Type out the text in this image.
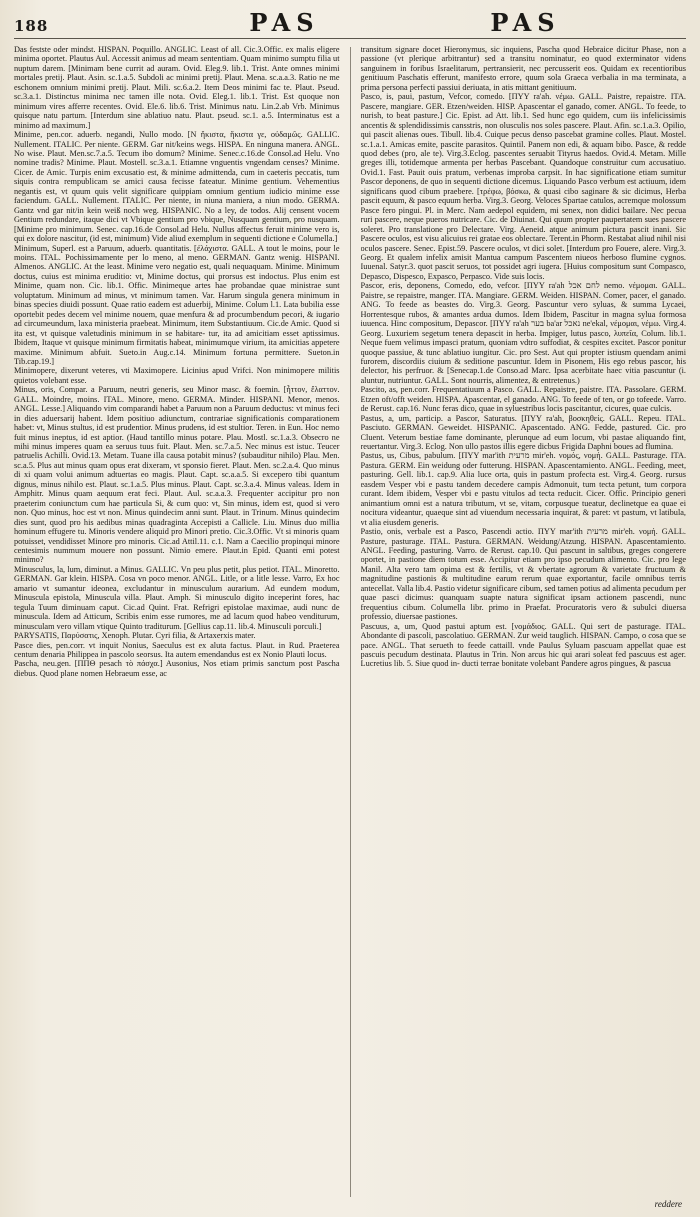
188	PAS	PAS

Das festste oder mindst. HISPAN. Poquillo. ANGLIC. Least of all. Cic.3.Offic. ex malis eligere minima oportet. Plautus Aul. Accessit animus ad meam sententiam. Quam minimo sumptu filia ut nuptum darem. [Minimam bene currit ad auram. Ovid. Eleg.9. lib.1. Trist. Ante omnes minimi mortales pretij. Plaut. Asin. sc.1.a.5. Subdoli ac minimi pretij. Plaut. Mena. sc.a.a.3. Ratio ne me eschonem omnium minimi pretij. Plaut. Mili. sc.6.a.2. Item Deos minimi fac te. Plaut. Pseud. sc.3.a.1. Distinctus minima nec tamen ille nota. Ovid. Eleg.1. lib.1. Trist. Est quoque non minimum vires afferre recentes. Ovid. Ele.6. lib.6. Trist. Minimus natu. Lin.2.ab Vrb. Minimus quisque natu partum. [Interdum sine ablatiuo natu. Plaut. pseud. sc.1. a.5. Interminatus est a minimo ad maximum.]

Minime, pen.cor. aduerb. negandi, Nullo modo. [Ν ἥκιστα, ἥκιστα γε, οὐδαμῶς. GALLIC. Nullement. ITALIC. Per niente. GERM. Gar nit/keins wegs. HISPA. En ninguna manera. ANGL. No wise. Plaut. Men.sc.7.a.5. Tecum ibo domum? Minime. Senec.c.16.de Consol.ad Helu. Vno nomine tradis? Minime. Plaut. Mostell. sc.3.a.1. Etiamne vnguentis vngendam censes? Minime. Cicer. de Amic. Turpis enim excusatio est, & minime admittenda, cum in caeteris peccatis, tum siquis contra rempublicam se amici causa fecisse fateatur. Minime gentium. Vehementius negantis est, vt quum quis velit significare quippiam omnium gentium iudicio minime esse faciendum. GALL. Nullement. ITALIC. Per niente, in niuna maniera, a niun modo. GERMA. Gantz vnd gar nit/in kein weiß noch weg. HISPANIC. No a ley, de todos. Alij censent vocem Gentium redundare, itaque dici vt Vbique gentium pro vbique, Nusquam gentium, pro nusquam. [Minime pro minimum. Senec. cap.16.de Consol.ad Helu. Nullus affectus feruit minime vero is, qui ex dolore nascitur, (id est, minimum) Vide aliud exemplum in sequenti dictione e Columella.]

Minimum, Superl. est a Paruum, aduerb. quantitatis. [ἐλάχιστα. GALL. A tout le moins, pour le moins. ITAL. Pochissimamente per lo meno, al meno. GERMAN. Gantz wenig. HISPANI. Almenos. ANGLIC. At the least. Minime vero negatio est, quali nequaquam. Minime. Minimum doctus, cuius est minima eruditio: vt, Minime doctus, qui prorsus est indoctus. Plus enim est Minime, quam non. Cic. lib.1. Offic. Minimeque artes hae probandae quae ministrae sunt voluptatum. Minimum ad minus, vt minimum tamen. Var. Harum singula genera minimum in binas species diuidi possunt. Quae ratio eadem est aduerbij, Minime. Colum l.1. Lata bubilia esse oportebit pedes decem vel minime nouem, quae menfura & ad procumbendum pecori, & iugario ad circumeundum, laxa ministeria praebeat. Minimum, item Substantiuum. Cic.de Amic. Quod si ita est, vt quisque valetudinis minimum in se habitare- tur, ita ad amicitiam esset aptissimus. Ibidem, Itaque vt quisque minimum firmitatis habeat, minimumque virium, ita amicitias appetere maxime. Minimum abfuit. Sueto.in Aug.c.14. Minimum fortuna permittere. Sueton.in Tib.cap.19.]

Minimopere, dixerunt veteres, vti Maximopere. Licinius apud Vrifci. Non minimopere militis quietos volebant esse.

Minus, oris, Compar. a Paruum, neutri generis, seu Minor masc. & foemin. [ἧττον, ἔλαττον. GALL. Moindre, moins. ITAL. Minore, meno. GERMA. Minder. HISPANI. Menor, menos. ANGL. Lesse.] Aliquando vim comparandi habet a Paruum non a Paruum deductus: vt minus feci in dies aduersarij habent. Idem positiuo adiunctum, contrariae significationis comparationem habet: vt, Minus stultus, id est prudentior. Minus prudens, id est stultior. Teren. in Eun. Hoc nemo fuit minus ineptus, id est aptior. (Haud tantillo minus potare. Plau. Mostl. sc.1.a.3. Obsecro ne mihi minus imperes quam ea seruus tuus fuit. Plaut. Men. sc.7.a.5. Nec minus est istuc. Teucer patruelis Achilli. Ovid.13. Metam. Tuane illa causa potabit minus? (subauditur nihilo) Plau. Men. sc.a.5. Plus aut minus quam opus erat dixeram, vt sponsio fieret. Plaut. Men. sc.2.a.4. Quo minus di xi quam volui animum adtuertas eo magis. Plaut. Capt. sc.a.a.5. Si excepero tibi quantum dignus, minus nihilo est. Plaut. sc.1.a.5. Plus minus. Plaut. Capt. sc.3.a.4. Minus valeas. Idem in Amphitr. Minus quam aequum erat feci. Plaut. Aul. sc.a.a.3. Frequenter accipitur pro non praeterim coniunctum cum hae particula Si, & cum quo: vt, Sin minus, idem est, quod si vero non. Quo minus, hoc est vt non. Minus quindecim anni sunt. Plaut. in Trinum. Minus quindecim dies sunt, quod pro his aedibus minas quadraginta Accepisti a Callicle. Liu. Minus duo millia hominum effugere tu. Minoris vendere aliquid pro Minori pretio. Cic.3.Offic. Vt si minoris quam potuisset, vendidisset Minore pro minoris. Cic.ad Attil.11. c.1. Nam a Caecilio propinqui minore centesimis nummum mouere non possunt. Nimio emere. Plaut.in Epid. Quanti emi potest minimo?

Minusculus, la, lum, diminut. a Minus. GALLIC. Vn peu plus petit, plus petiot. ITAL. Minoretto. GERMAN. Gar klein. HISPA. Cosa vn poco menor. ANGL. Litle, or a litle lesse. Varro, Ex hoc amario vt sumantur ideonea, excludantur in minusculum aurarium. Ad eundem modum, Minuscula epistola, Minuscula villa. Plaut. Amph. Si minusculo digito inceperint fores, hac tegula Tuum diminuam caput. Cic.ad Quint. Frat. Refrigri epistolae maximae, audi nunc de minuscula. Idem ad Atticum, Scribis enim esse rumores, me ad lacum quod habeo venditurum, minusculam vero villam vtique Quinto traditurum. [Gellius cap.11. lib.4. Minusculi porculi.]

PARYSATIS, Παρύσατις, Xenoph. Plutar. Cyri filia, & Artaxerxis mater.

Pasce dies, pen.corr. vt inquit Nonius, Saeculus est ex aluta factus. Plaut. in Rud. Praeterea centum denaria Philippea in pascolo seorsus. Ita autem emendandus est ex Nonio Plauti locus.

Pascha, neu.gen. [ΠΠΘ pesach τὸ πάσχα.] Ausonius, Nos etiam primis sanctum post Pascha diebus. Quod plane nomen Hebraeum esse, ac

transitum signare docet Hieronymus, sic inquiens, Pascha quod Hebraice dicitur Phase, non a passione (vt plerique arbitrantur) sed a transitu nominatur, eo quod exterminator videns sanguinem in foribus Israelitarum, pertransierit, nec percusserit eos. Quidam ex recentioribus genitiuum Paschatis efferunt, manifesto errore, quum sola Graeca verbalia in ma terminata, a prima persona perfecti passiui deriuata, in atis mittant genitiuum.

Pasco, is, paui, pastum, Vefcor, comedo. [ΠΥΥ ra'ah. νέμω. GALL. Paistre, repaistre. ITA. Pascere, mangiare. GER. Etzen/weiden. HISP. Apascentar el ganado, comer. ANGL. To feede, to nurish, to beat pasture.] Cic. Epist. ad Att. lib.1. Sed hunc ego quidem, cum iis infelicissimis ancentis & splendidissimis cansstris, non olusculis nos soles pascere. Plaut. Afin. sc.1.a.3. Opilio, qui pascit alienas oues. Tibull. lib.4. Cuique pecus denso pascebat gramine colles. Plaut. Mostel. sc.1.a.1. Amicas emite, pascite parasitos. Quintil. Panem non edi, & aquam bibo. Pasce, & redde quod debes (pro, ale te). Virg.3.Eclog. pascentes seruabit Tityrus haedos. Ovid.4. Metam. Mille greges illi, totidemque armenta per herbas Pascebant. Quandoque construitur cum accusatiuo. Ovid.1. Fast. Pauit ouis pratum, verbenas improba carpsit. In hac significatione etiam sumitur Pascor deponens, de quo in sequenti dictione dicemus. Liquando Pasco verbum est actiuum, idem significans quod cibum praebere. [τρέφω, βόσκω, & quasi cibo saginare & sic dicimus, Herba pascit equum, & pasco equum herba. Virg.3. Georg. Veloces Spartae catulos, acremque molossum Pasce fero pingui. Pl. in Merc. Nam aedepol equidem, mi senex, non didici bailare. Nec pecua ruri pascere, neque pueros nutricare. Cic. de Diuinat. Qui quum propter paupertatem sues pascere soleret. Pro translatione pro Delectare. Virg. Aeneid. atque animum pictura pascit inani. Sic Pascere oculos, est visu alicuius rei gratae eos oblectare. Terent.in Phorm. Restabat aliud nihil nisi oculos pascere. Senec. Epist.59. Pascere oculos, vt dici solet. [Interdum pro Fouere, alere. Virg.3. Georg. Et qualem infelix amisit Mantua campum Pascentem niueos herboso flumine cygnos. Iuuenal. Satyr.3. quot pascit seruos, tot possidet agri iugera. [Huius compositum sunt Compasco, Depasco, Dispesco, Expasco, Perpasco. Vide suis locis.

Pascor, eris, deponens, Comedo, edo, vefcor. [ΠΥΥ ra'ah לחם אכל nemo. νέμομαι. GALL. Paistre, se repaistre, manger. ITA. Mangiare. GERM. Weiden. HISPAN. Comer, pacer, el ganado. ANG. To feede as beastes do. Virg.3. Georg. Pascuntur vero syluas, & summa Lycaei, Horrentesque rubos, & amantes ardua dumos. Idem Ibidem, Pascitur in magna sylua formosa iuuenca. Hinc compositum, Depascor. [ΠΥΥ ra'ah בער ba'ar נאכל ne'ekal, νέμομαι, νέμω. Virg.4. Georg. Luxuriem segetum tenera depascit in herba. Impiger, lutus pasco, λυπεῖα, Colum. lib.1. Neque fuem velimus impasci pratum, quoniam vdtro suffodiat, & cespites excitet. Pascor ponitur quoque passiue, & tunc ablatiuo iungitur. Cic. pro Sest. Aut qui propter istiusm quendam animi furorem, discordiis ciuium & seditione pascuntur. Idem in Pisonem, His ego rebus pascor, his delector, his perfruor. & [Senecap.1.de Conso.ad Marc. Ipsa acerbitate haec vitia pascuntur (i. aluntur, nutriuntur. GALL. Sont nourris, alimentez, & entretenus.)

Pascito, as, pen.corr. Frequentatiuum a Pasco. GALL. Repaistre, paistre. ITA. Passolare. GERM. Etzen oft/offt weiden. HISPA. Apascentar, el ganado. ANG. To feede of ten, or go tofeede. Varro. de Rerust. cap.16. Nunc feras dico, quae in syluestribus locis pascitantur, cicures, quae culcis.

Pastus, a, um, particip. a Pascor, Saturatus. [ΠΥΥ ra'ah, βοσκηθείς. GALL. Repeu. ITAL. Pasciuto. GERMAN. Geweidet. HISPANIC. Apascentado. ANG. Fedde, pastured. Cic. pro Cluent. Veterum bestiae fame dominante, plerunque ad eum locum, vbi pastae aliquando fint, reuertantur. Virg.3. Eclog. Non ullo pastos illis egere dicbus Frigida Daphni boues ad flumina.

Pastus, us, Cibus, pabulum. [ΠΥΥ mar'ith מרעית mir'eh. νομός, νομή. GALL. Pasturage. ITA. Pastura. GERM. Ein weidung oder futterung. HISPAN. Apascentamiento. ANGL. Feeding, meet, pasturing. Gell. lib.1. cap.9. Alia luce orta, quis in pastum profecta est. Virg.4. Georg. rursus easdem Vesper vbi e pastu tandem decedere campis Admonuit, tum tecta petunt, tum corpora curant. Idem ibidem, Vesper vbi e pastu vitulos ad tecta reducit. Cicer. Offic. Principio generi animantium omni est a natura tributum, vt se, vitam, corpusque tueatur, declinetque ea quae ei nocitura videantur, quaeque sint ad viuendum necessaria inquirat, & paret: vt pastum, vt latibula, vt alia eiusdem generis.

Pastio, onis, verbale est a Pasco, Pascendi actio. ΠΥΥ mar'ith מרעית mir'eh. νομή. GALL. Pasture, pasturage. ITAL. Pastura. GERMAN. Weidung/Atzung. HISPAN. Apascentamiento. ANGL. Feeding, pasturing. Varro. de Rerust. cap.10. Qui pascunt in saltibus, greges congerere oportet, in pastione diem totum esse. Accipitur etiam pro ipso pecudum alimento. Cic. pro lege Manil. Alta vero tam opima est & fertilis, vt & vbertate agrorum & varietate fructuum & magnitudine pastionis & multitudine earum rerum quae exportantur, facile omnibus terris antecellat. Valla lib.4. Pastio videtur significare cibum, sed tamen potius ad alimenta pecudum per quae pasci dicimus: quanquam suapte natura significat ipsam actionem pascendi, nunc frequentius cibum. Columella libr. primo in Praefat. Procuratoris vero & subulci diuersa professio, diuersae pastiones.

Pascuus, a, um, Quod pastui aptum est. [νομάδιος. GALL. Qui sert de pasturage. ITAL. Abondante di pascoli, pascolatiuo. GERMAN. Zur weid tauglich. HISPAN. Campo, o cosa que se pace. ANGL. That serueth to feede cattaill. vnde Paulus Syluam pascuam appellat quae est pascuis pecudum destinata. Plautus in Trin. Non arcus hic qui arari soleat fed pascuus est ager. Lucretius lib. 5. Siue quod in- ducti terrae bonitate volebant Pandere agros pingues, & pascua

reddere
